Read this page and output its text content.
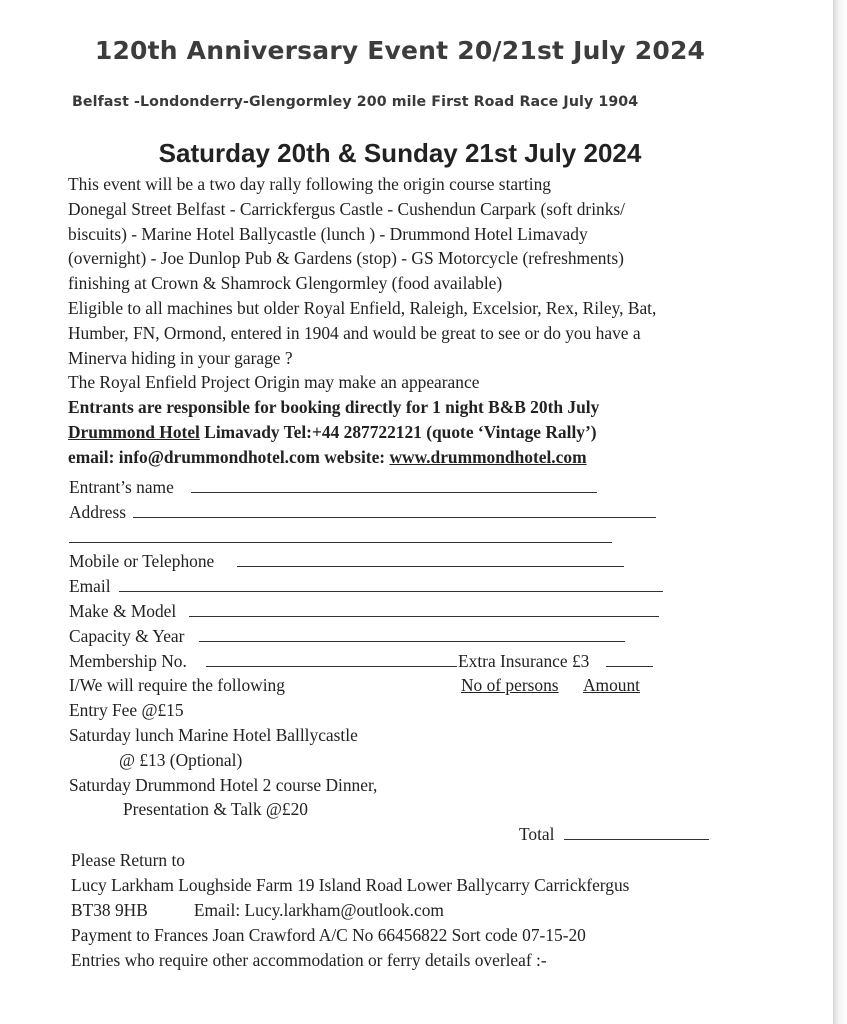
120th Anniversary Event 20/21st July 2024
Belfast -Londonderry-Glengormley 200 mile First Road Race July 1904
Saturday 20th & Sunday 21st July 2024
This event will be a two day rally following the origin course starting
Donegal Street Belfast - Carrickfergus Castle - Cushendun Carpark (soft drinks/
biscuits) - Marine Hotel Ballycastle (lunch ) - Drummond Hotel Limavady
(overnight) - Joe Dunlop Pub & Gardens (stop) - GS Motorcycle (refreshments)
finishing at Crown & Shamrock Glengormley (food available)
Eligible to all machines but older Royal Enfield, Raleigh, Excelsior, Rex, Riley, Bat,
Humber, FN, Ormond, entered in 1904 and would be great to see or do you have a
Minerva hiding in your garage ?
The Royal Enfield Project Origin may make an appearance
Entrants are responsible for booking directly for 1 night B&B 20th July
Drummond Hotel Limavady Tel:+44 287722121 (quote ‘Vintage Rally’)
email: info@drummondhotel.com website: www.drummondhotel.com
Entrant’s name
Address
Mobile or Telephone
Email
Make & Model
Capacity & Year
Membership No.	Extra Insurance £3
I/We will require the following	No of persons Amount
Entry Fee @£15
Saturday lunch Marine Hotel Balllycastle
@ £13 (Optional)
Saturday Drummond Hotel 2 course Dinner,
Presentation & Talk @£20
Total
Please Return to
Lucy Larkham Loughside Farm 19 Island Road Lower Ballycarry Carrickfergus
BT38 9HB	Email: Lucy.larkham@outlook.com
Payment to Frances Joan Crawford A/C No 66456822 Sort code 07-15-20
Entries who require other accommodation or ferry details overleaf :-
